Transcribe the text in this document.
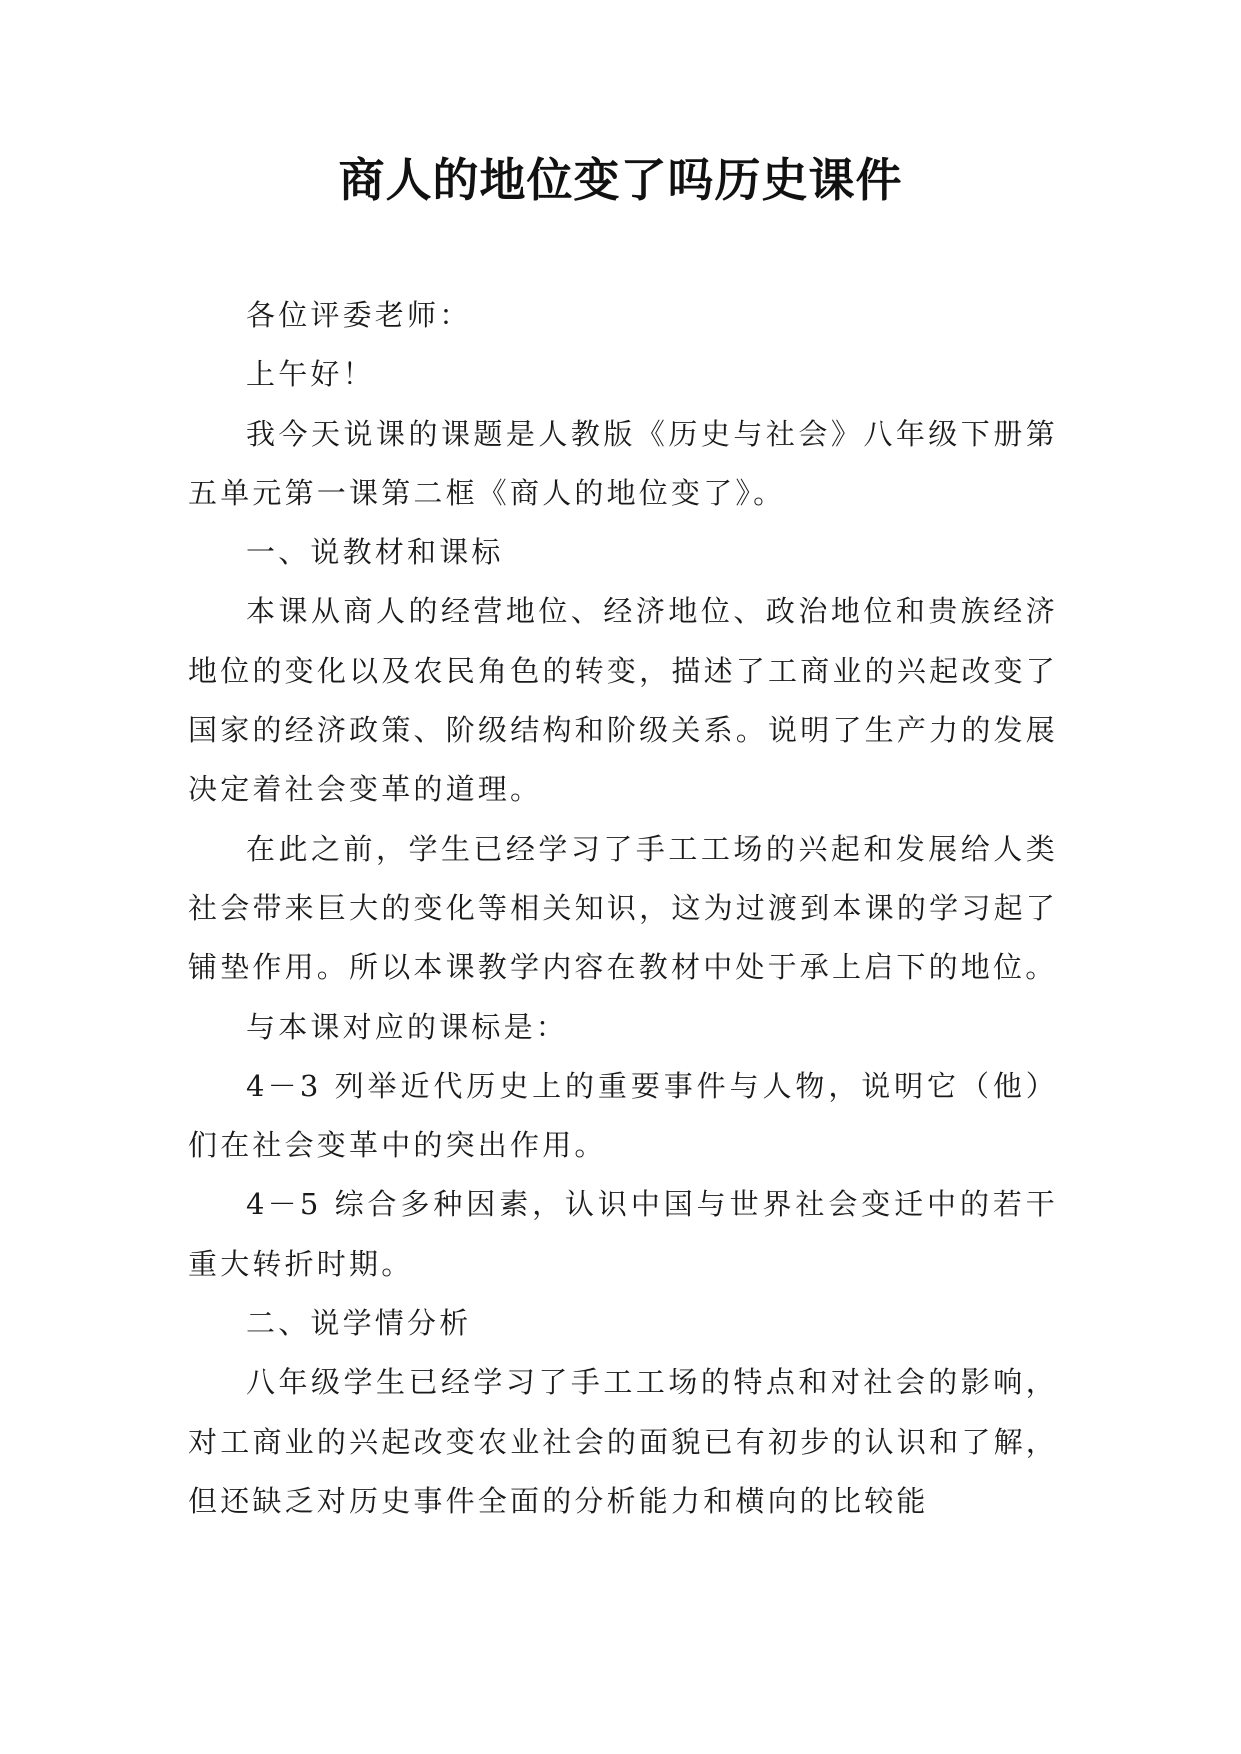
商人的地位变了吗历史课件

各位评委老师：

上午好！

我今天说课的课题是人教版《历史与社会》八年级下册第五单元第一课第二框《商人的地位变了》。

一、说教材和课标

本课从商人的经营地位、经济地位、政治地位和贵族经济地位的变化以及农民角色的转变，描述了工商业的兴起改变了国家的经济政策、阶级结构和阶级关系。说明了生产力的发展决定着社会变革的道理。

在此之前，学生已经学习了手工工场的兴起和发展给人类社会带来巨大的变化等相关知识，这为过渡到本课的学习起了铺垫作用。所以本课教学内容在教材中处于承上启下的地位。

与本课对应的课标是：

4－3 列举近代历史上的重要事件与人物，说明它（他）们在社会变革中的突出作用。

4－5 综合多种因素，认识中国与世界社会变迁中的若干重大转折时期。

二、说学情分析

八年级学生已经学习了手工工场的特点和对社会的影响，对工商业的兴起改变农业社会的面貌已有初步的认识和了解，但还缺乏对历史事件全面的分析能力和横向的比较能
